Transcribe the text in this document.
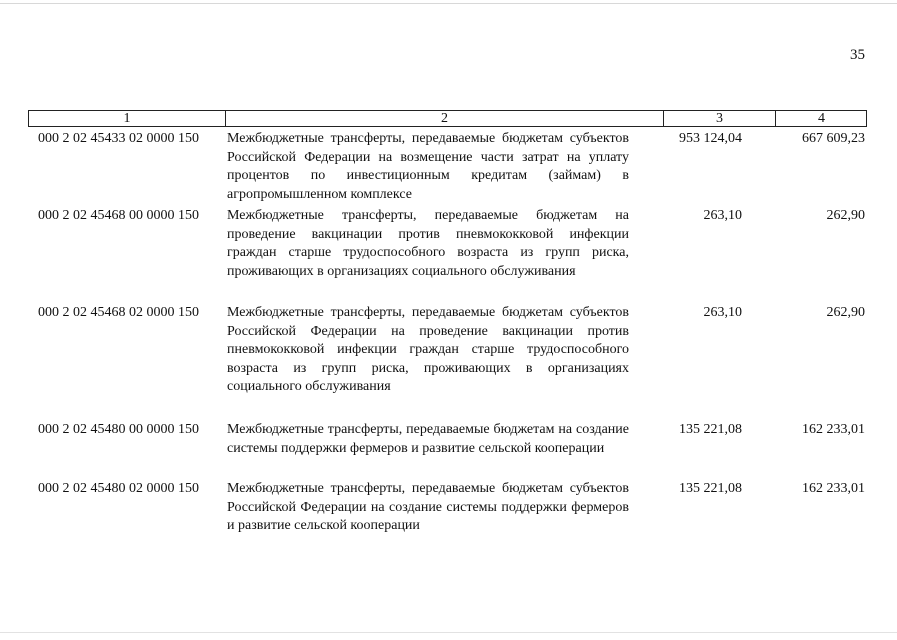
35
1	2	3	4
000 2 02 45433 02 0000 150 Межбюджетные трансферты, передаваемые бюджетам субъектов Российской Федерации на возмещение части затрат на уплату процентов по инвестиционным кредитам (займам) в агропромышленном комплексе
953 124,04	667 609,23
000 2 02 45468 00 0000 150 Межбюджетные трансферты, передаваемые бюджетам на проведение вакцинации против пневмококковой инфекции граждан старше трудоспособного возраста из групп риска, проживающих в организациях социального обслуживания
263,10	262,90
000 2 02 45468 02 0000 150 Межбюджетные трансферты, передаваемые бюджетам субъектов Российской Федерации на проведение вакцинации против пневмококковой инфекции граждан старше трудоспособного возраста из групп риска, проживающих в организациях социального обслуживания
263,10	262,90
000 2 02 45480 00 0000 150 Межбюджетные трансферты, передаваемые бюджетам на создание системы поддержки фермеров и развитие сельской кооперации
135 221,08	162 233,01
000 2 02 45480 02 0000 150 Межбюджетные трансферты, передаваемые бюджетам субъектов Российской Федерации на создание системы поддержки фермеров и развитие сельской кооперации
135 221,08	162 233,01
